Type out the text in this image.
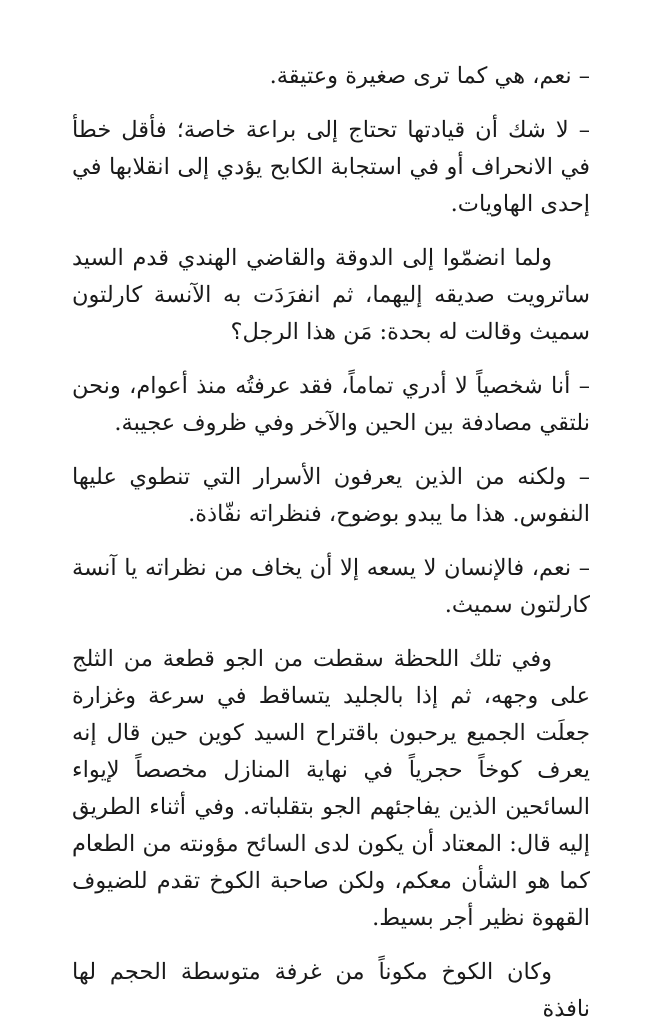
– نعم، هي كما ترى صغيرة وعتيقة.

– لا شك أن قيادتها تحتاج إلى براعة خاصة؛ فأقل خطأ في الانحراف أو في استجابة الكابح يؤدي إلى انقلابها في إحدى الهاويات.

ولما انضمّوا إلى الدوقة والقاضي الهندي قدم السيد ساترويت صديقه إليهما، ثم انفرَدَت به الآنسة كارلتون سميث وقالت له بحدة: مَن هذا الرجل؟

– أنا شخصياً لا أدري تماماً، فقد عرفتُه منذ أعوام، ونحن نلتقي مصادفة بين الحين والآخر وفي ظروف عجيبة.

– ولكنه من الذين يعرفون الأسرار التي تنطوي عليها النفوس. هذا ما يبدو بوضوح، فنظراته نفّاذة.

– نعم، فالإنسان لا يسعه إلا أن يخاف من نظراته يا آنسة كارلتون سميث.

وفي تلك اللحظة سقطت من الجو قطعة من الثلج على وجهه، ثم إذا بالجليد يتساقط في سرعة وغزارة جعلَت الجميع يرحبون باقتراح السيد كوين حين قال إنه يعرف كوخاً حجرياً في نهاية المنازل مخصصاً لإيواء السائحين الذين يفاجئهم الجو بتقلباته. وفي أثناء الطريق إليه قال: المعتاد أن يكون لدى السائح مؤونته من الطعام كما هو الشأن معكم، ولكن صاحبة الكوخ تقدم للضيوف القهوة نظير أجر بسيط.

وكان الكوخ مكوناً من غرفة متوسطة الحجم لها نافذة
